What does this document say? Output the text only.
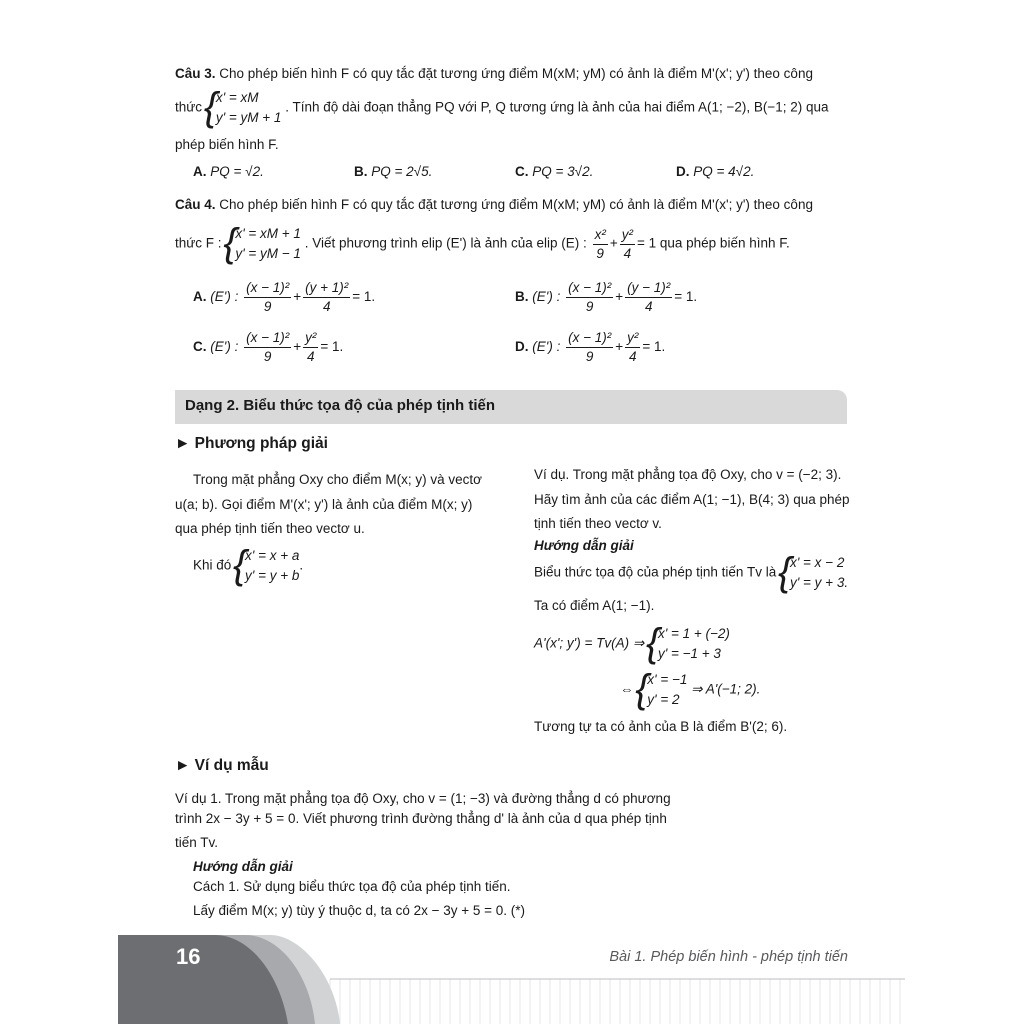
Câu 3. Cho phép biến hình F có quy tắc đặt tương ứng điểm M(xM; yM) có ảnh là điểm M'(x'; y') theo công
thức { x' = xM
y' = yM + 1 . Tính độ dài đoạn thẳng PQ với P, Q tương ứng là ảnh của hai điểm A(1; −2), B(−1; 2) qua
phép biến hình F.
A. PQ = √2.	B. PQ = 2√5.	C. PQ = 3√2.	D. PQ = 4√2.
Câu 4. Cho phép biến hình F có quy tắc đặt tương ứng điểm M(xM; yM) có ảnh là điểm M'(x'; y') theo công
thức F : { x' = xM + 1
y' = yM − 1 . Viết phương trình elip (E') là ảnh của elip (E) : $\frac{\text{x²}}{9} + \frac{\text{y²}}{4} = 1$ qua phép biến hình F.
A. (E') : $\frac{\text{(x − 1)²}}{9} + \frac{\text{(y + 1)²}}{4} = 1$.	B. (E') : $\frac{\text{(x − 1)²}}{9} + \frac{\text{(y − 1)²}}{4} = 1$.
C. (E') : $\frac{\text{(x − 1)²}}{9} + \frac{\text{y²}}{4} = 1$.	D. (E') : $\frac{\text{(x − 1)²}}{9} + \frac{\text{y²}}{4} = 1$.
Dạng 2. Biểu thức tọa độ của phép tịnh tiến
► Phương pháp giải
Trong mặt phẳng Oxy cho điểm M(x; y) và vectơ
u(a; b). Gọi điểm M'(x'; y') là ảnh của điểm M(x; y)
qua phép tịnh tiến theo vectơ u.
Khi đó { x' = x + a
y' = y + b.
Ví dụ. Trong mặt phẳng tọa độ Oxy, cho v = (−2; 3).
Hãy tìm ảnh của các điểm A(1; −1), B(4; 3) qua phép
tịnh tiến theo vectơ v.
Hướng dẫn giải
Biểu thức tọa độ của phép tịnh tiến Tv là { x' = x − 2
y' = y + 3.
Ta có điểm A(1; −1).
A'(x'; y') = Tv(A) ⇒ { x' = 1 + (−2)
y' = −1 + 3
⇔ { x' = −1
y' = 2 ⇒ A'(−1; 2).
Tương tự ta có ảnh của B là điểm B'(2; 6).
► Ví dụ mẫu
Ví dụ 1. Trong mặt phẳng tọa độ Oxy, cho v = (1; −3) và đường thẳng d có phương
trình 2x − 3y + 5 = 0. Viết phương trình đường thẳng d' là ảnh của d qua phép tịnh
tiến Tv.
Hướng dẫn giải
Cách 1. Sử dụng biểu thức tọa độ của phép tịnh tiến.
Lấy điểm M(x; y) tùy ý thuộc d, ta có 2x − 3y + 5 = 0. (*)
16	Bài 1. Phép biến hình - phép tịnh tiến
